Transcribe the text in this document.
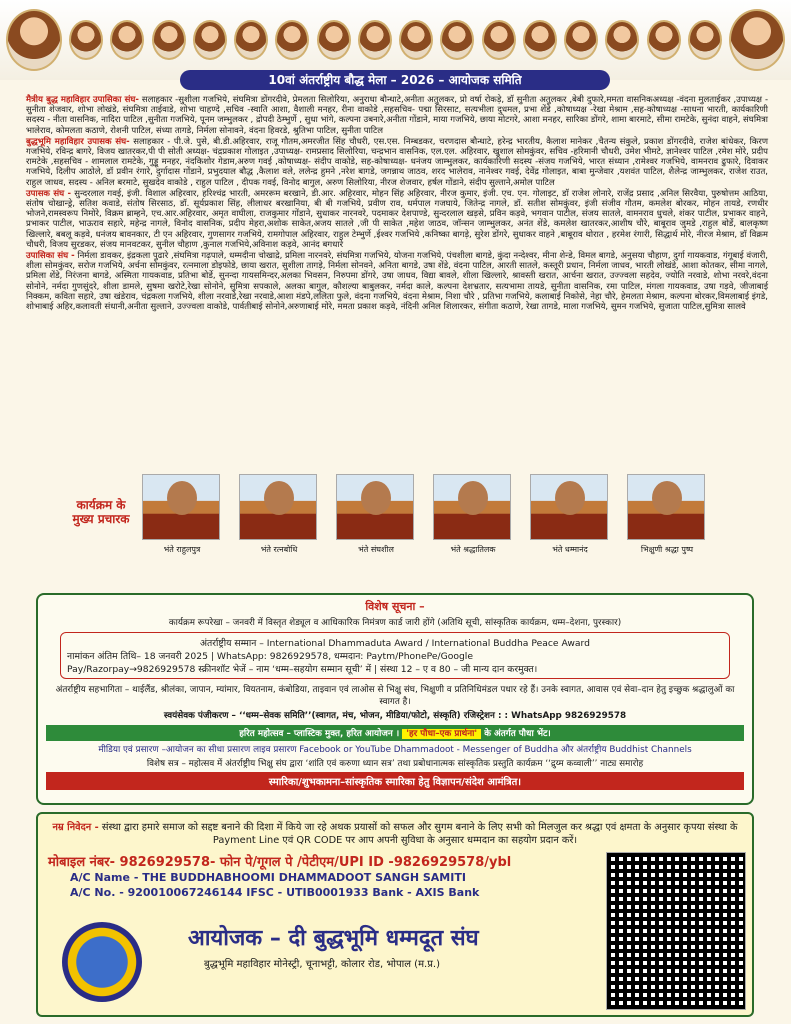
10वां अंतर्राष्ट्रीय बौद्ध मेला – 2026 – आयोजक समिति

मैत्रीय बुद्ध महाविहार उपासिका संघ- सलाहकार -सुशीला गजभिये, संघमित्रा डोंगरदीवे, प्रेमलता सिलोरिया, अनुराधा बौन्धाटे,अनीता अतुलकर, प्रो वर्षा रोकड़े, डॉ सुनीता अतुलकर ,बेबी दुफारे,ममता वासनिकअध्यक्ष -वंदना मुलताईकर ,उपाध्यक्ष - सुनीता शेजवार, शोभा लोखंडे, संघमित्रा ताईवाडे, शोभा चाहण्दे ,सचिव -स्वाति आशा, वैशाली मनहर, रीना वाकोडे ,सहसचिव- पद्मा सिरसाट, सत्यभीला दुधमल, प्रभा शेंडे ,कोषाध्यक्ष -रेखा मेश्राम ,सह-कोषाध्यक्ष -साधना भारती, कार्यकारिणी सदस्य - नीता वासनिक, नादिरा पाटिल ,सुनीता गजभिये, पूनम जम्भुलकर , द्रोपदी ठेम्भुर्णे , सुधा भांगे, कल्पना उबनारे,अनीता गोंडाने, माया गजभिये, छाया मोटगरे, आशा मनहर, सारिका डोंगरे, शामा बारमाटे, सीमा रामटेके, सुनंदा वाहने, संघमित्रा भालेराव, कोमलता कठाणे, रोशनी पाटिल, संध्या तागडे, निर्मला सोनावने, वंदना हिवरडे, श्रुतिभा पाटिल, सुनीता पाटिल

बुद्धभूमि महाविहार उपासक संघ- सलाहकार - पी.जे. पुसे, बी.डी.अहिरवार, राजू गौतम,अमरजीत सिंह चौधरी, एस.एस. निम्बडकर, चरणदास बौन्धाटे, हरेन्द्र भारतीय, कैलाश मानेकर ,चैतन्य संकुले, प्रकाश डोंगरदीवे, राजेश बांधेकर, किरण गजभिये, रविन्द्र बागरे, विजय खातरकर,पी पी सोती अध्यक्ष- चंद्रप्रकाश गोलाइत ,उपाध्यक्ष- रामप्रसाद सिलोरिया, चन्द्रभान वासनिक, एल.एल. अहिरवार, खुशाल सोमकुंवर, सचिव -हरिमानी चौधरी, उमेश भीमटे, ज्ञानेश्वर पाटिल ,रमेश मोरे, प्रदीप रामटेके ,सहसचिव - शामलाल रामटेके, गुड्डू मनहर, नंदकिशोर गेडाम,अरुण गवई ,कोषाध्यक्ष- संदीप वाकोडे, सह-कोषाध्यक्ष- धनंजय जाम्भुलकर, कार्यकारिणी सदस्य -संजय गजभिये, भारत संध्यान ,रामेश्वर गजभिये, वामनराव ढुफारे, दिवाकर गजभिये, दिलीप आठोले, डॉ प्रवीन रंगारे, दुर्गादास गोंडाने, प्रभुदयाल बौद्ध ,कैलाश वले, ललेन्द्र हुमने ,नरेश बागडे, जगन्नाथ जाठव, शरद भालेराव, नानेश्वर गवई, देवेंद्र गोलाइत, बाबा मुन्जेवार ,यशवंत पाटिल, शैलेन्द्र जाम्भुलकर, राजेश राउत, राहुल जाधव, सदस्य - अनिल बरमाटे, सुखदेव वाकोडे , राहुल पाटिल , दीपक गवई, विनोद बागुल, अरुण सिलोरिया, नीरज शेजवार, हर्षल गोंडाने, संदीप सुल्ताने,अमोल पाटिल

उपासक संघ - सुन्दरलाल गवई, इंजी. विशाल अहिरवार, हरिश्चंद्र भारती, अमररूम बरखाने, डी.आर. अहिरवार, मोहन सिंह अहिरवार, नीरज कुमार, इंजी. एच. एन. गोलाइट, डॉ राजेश लोनारे, राजेंद्र प्रसाद ,अनिल सिरवैया, पुरुषोत्तम आठिया, संतोष चोखान्ड्रे, सतिश कवाडे, संतोष सिरसाठ, डॉ. सूर्यप्रकाश सिंह, लीलाधर बरखानिया, बी बी गजभिये, प्रवीण राव, धर्मपाल गजघाये, जितेन्द्र नागले, डॉ. सतीश सोमकुंवर, इंजी संजीव गौतम, कमलेश बोरकर, मोहन तायडे, रणधीर भोजने,रामस्वरूप निमोरे, विक्रम ब्राम्हने, एच.आर.अहिरवार, अमृत वाघीला, राजकुमार गोंडाने, सुधाकर नारनवरे, पदमाकर देशपाण्डे, सुन्दरलाल खड़से, प्रविन कड़वे, भगवान पाटील, संजय सातले, वामनराव धुचले, शंकर पाटील, प्रभाकर वाहने, प्रभाकर पाटील, भाऊराव सहारे, महेन्द्र नागले, विनोद वासनिक, प्रदीप मेहरा,अशोक साकेत,अजय सातले ,जी पी साकेत ,महेश जाठव, जॉन्सन जाम्भुलकर, अनंत शेंडे, कमलेश खातरकर,आशीष चौरे, बाबूराव जुमडे ,राहुल बोर्डे, बालकृष्ण खिल्लारे, बबलू कड़वे, धनंजय बावनकार, टी एन अहिरवार, गुणसागर गजभिये, रामगोपाल अहिरवार, राहुल टेम्भुर्णे ,ईश्वर गजभिये ,कनिष्का बागड़े, सुरेश डोंगरे, सुधाकर वाहने ,बाबूराव थोरात , हरमेश रंगारी, सिद्धार्थ मोरे, नीरज मेश्राम, डॉ विक्रम चौधरी, विजय सुरडकर, संजय मानवटकर, सुनील चौहाण ,कुनाल गजभिये,अविनाश कड़वे, आनंद बगधारे

उपासिका संघ - निर्मला डावकर, इंद्रकला पुढारे ,संघमित्रा गढ़पाले, धम्मदीना चोखाद्रे, प्रमिला नारनवरे, संघमित्रा गजभिये, योजना गजभिये, पंचशीला बागडे, कुंदा नन्देश्वर, मीना शेन्डे, विमल बागडे, अनुसया चौहाण, दुर्गा गायकवाड, गंगूबाई वंजारी, शीला सोमकुंवर, सरोज गजभिये, अर्चना सोमकुंवर, रत्नमाला डोइफोडे, छाया खरात, सुशीला तागड़े, निर्मला सोनवने, अनिता बागडे, उषा शेंडे, वंदना पाटिल, आरती सातले, कस्तूरी प्रधान, निर्मला जाधव, भारती लोखंडे, आशा कोतकर, सीमा नागले, प्रमिला शेंडे, निरंजना बागडे, अस्मिता गायकवाड, प्रतिभा बोर्डे, सुनन्दा गायसमिन्दर,अलका भिवसन, निरुपमा डोंगरे, उषा जाधव, विद्या बावले, शीला खिल्लारे, श्रावस्ती खरात, आर्चना खरात, उज्ज्वला सहदेव, ज्योति नरवाडे, शोभा नरवरे,वंदना सोनोने, नर्मदा गुणसुंदरे, शीला डामले, सुषमा खरोटे,रेखा सोनोने, सुमित्रा सपकाले, अलका बागुल, कौशल्या बाबुलकर, नर्मदा काले, कल्पना देशभ्रतार, सत्यभामा तायडे, सुनीता वासनिक, रमा पाटिल, मंगला गायकवाड, उषा गड़वे, जीजाबाई निक्कम, कविता सहारे, उषा खंडेराव, चंद्रकला गजभिये, शीला नरवाडे,रेखा नरवाडे,आशा मंडपे,ललिता फुले, वंदना गजभिये, वंदना मेश्राम, निशा चौरे , प्रतिभा गजभिये, कलाबाई निकोसे, नेहा चौरे, हेमलता मेश्राम, कल्पना बोरकर,विमलाबाई इंगडे, शोभाबाई अहिर,कलावती संधानी,अनीता सुल्ताने, उज्ज्वला वाकोडे, पार्वतीबाई सोनोने,अरुणाबाई मोरे, ममता प्रकाश कड़वे, नंदिनी अनिल शिलारकर, संगीता कठाणे, रेखा तागडे, माला गजभिये, सुमन गजभिये, सुजाता पाटिल,सुमित्रा सालवे

कार्यक्रम के मुख्य प्रचारक
भंते राहुलपुत्र	भंते रत्नबोधि	भंते संघशील	भंते श्रद्धातिलक	भंते धम्मानंद	भिक्षुणी श्रद्धा पुष्प
विशेष सूचना –
कार्यक्रम रूपरेखा – जनवरी में विस्तृत शेड्यूल व आधिकारिक निमंत्रण कार्ड जारी होंगे (अतिथि सूची, सांस्कृतिक कार्यक्रम, धम्म–देशना, पुरस्कार)
अंतर्राष्ट्रीय सम्मान – International Dhammaduta Award / International Buddha Peace Award
नामांकन अंतिम तिथि– 18 जनवरी 2025 | WhatsApp: 9826929578, धम्मदान: Paytm/PhonePe/Google
Pay/Razorpay→9826929578 स्क्रीनशॉट भेजें – नाम ‘धम्म–सहयोग सम्मान सूची’ में | संस्था 12 – ए व 80 – जी मान्य दान करमुक्त।
अंतर्राष्ट्रीय सहभागिता – थाईलैंड, श्रीलंका, जापान, म्यांमार, वियतनाम, कंबोडिया, ताइवान एवं लाओस से भिक्षु संघ, भिक्षुणी व प्रतिनिधिमंडल पधार रहे हैं। उनके स्वागत, आवास एवं सेवा–दान हेतु इच्छुक श्रद्धालुओं का स्वागत है।
स्वयंसेवक पंजीकरण – ‘‘धम्म–सेवक समिति’’(स्वागत, मंच, भोजन, मीडिया/फोटो, संस्कृति) रजिस्ट्रेशन : : WhatsApp 9826929578
हरित महोत्सव – प्लास्टिक मुक्त, हरित आयोजन । 'हर पौधा–एक प्रार्थना' के अंतर्गत पौधा भेंट।
मीडिया एवं प्रसारण –आयोजन का सीधा प्रसारण लाइव प्रसारण Facebook or YouTube Dhammadoot - Messenger of Buddha और अंतर्राष्ट्रीय Buddhist Channels
विशेष सत्र – महोत्सव में अंतर्राष्ट्रीय भिक्षु संघ द्वारा ‘शांति एवं करुणा ध्यान सत्र’ तथा प्रबोधानात्मक सांस्कृतिक प्रस्तुति कार्यक्रम ‘‘द्रुय्म कव्वाली’’ नाट्य समारोह
स्मारिका/शुभकामना–सांस्कृतिक स्मारिका हेतु विज्ञापन/संदेश आमंत्रित।
नम्र निवेदन - संस्था द्वारा हमारे समाज को सद्दष्ट बनाने की दिशा में किये जा रहे अथक प्रयासों को सफल और सुगम बनाने के लिए सभी को मिलजुल कर श्रद्धा एवं क्षमता के अनुसार कृपया संस्था के Payment Line एवं QR CODE पर आप अपनी सुविधा के अनुसार धम्मदान का सहयोग प्रदान करें।
मोबाइल नंबर- 9826929578- फोन पे/गूगल पे /पेटीएम/UPI ID -9826929578/ybl
A/C Name - THE BUDDHABHOOMI DHAMMADOOT SANGH SAMITI
A/C No. - 920010067246144 IFSC - UTIB0001933 Bank - AXIS Bank
आयोजक – दी बुद्धभूमि धम्मदूत संघ
बुद्धभूमि महाविहार मोनेस्ट्री, चूनाभट्टी, कोलार रोड, भोपाल (म.प्र.)
